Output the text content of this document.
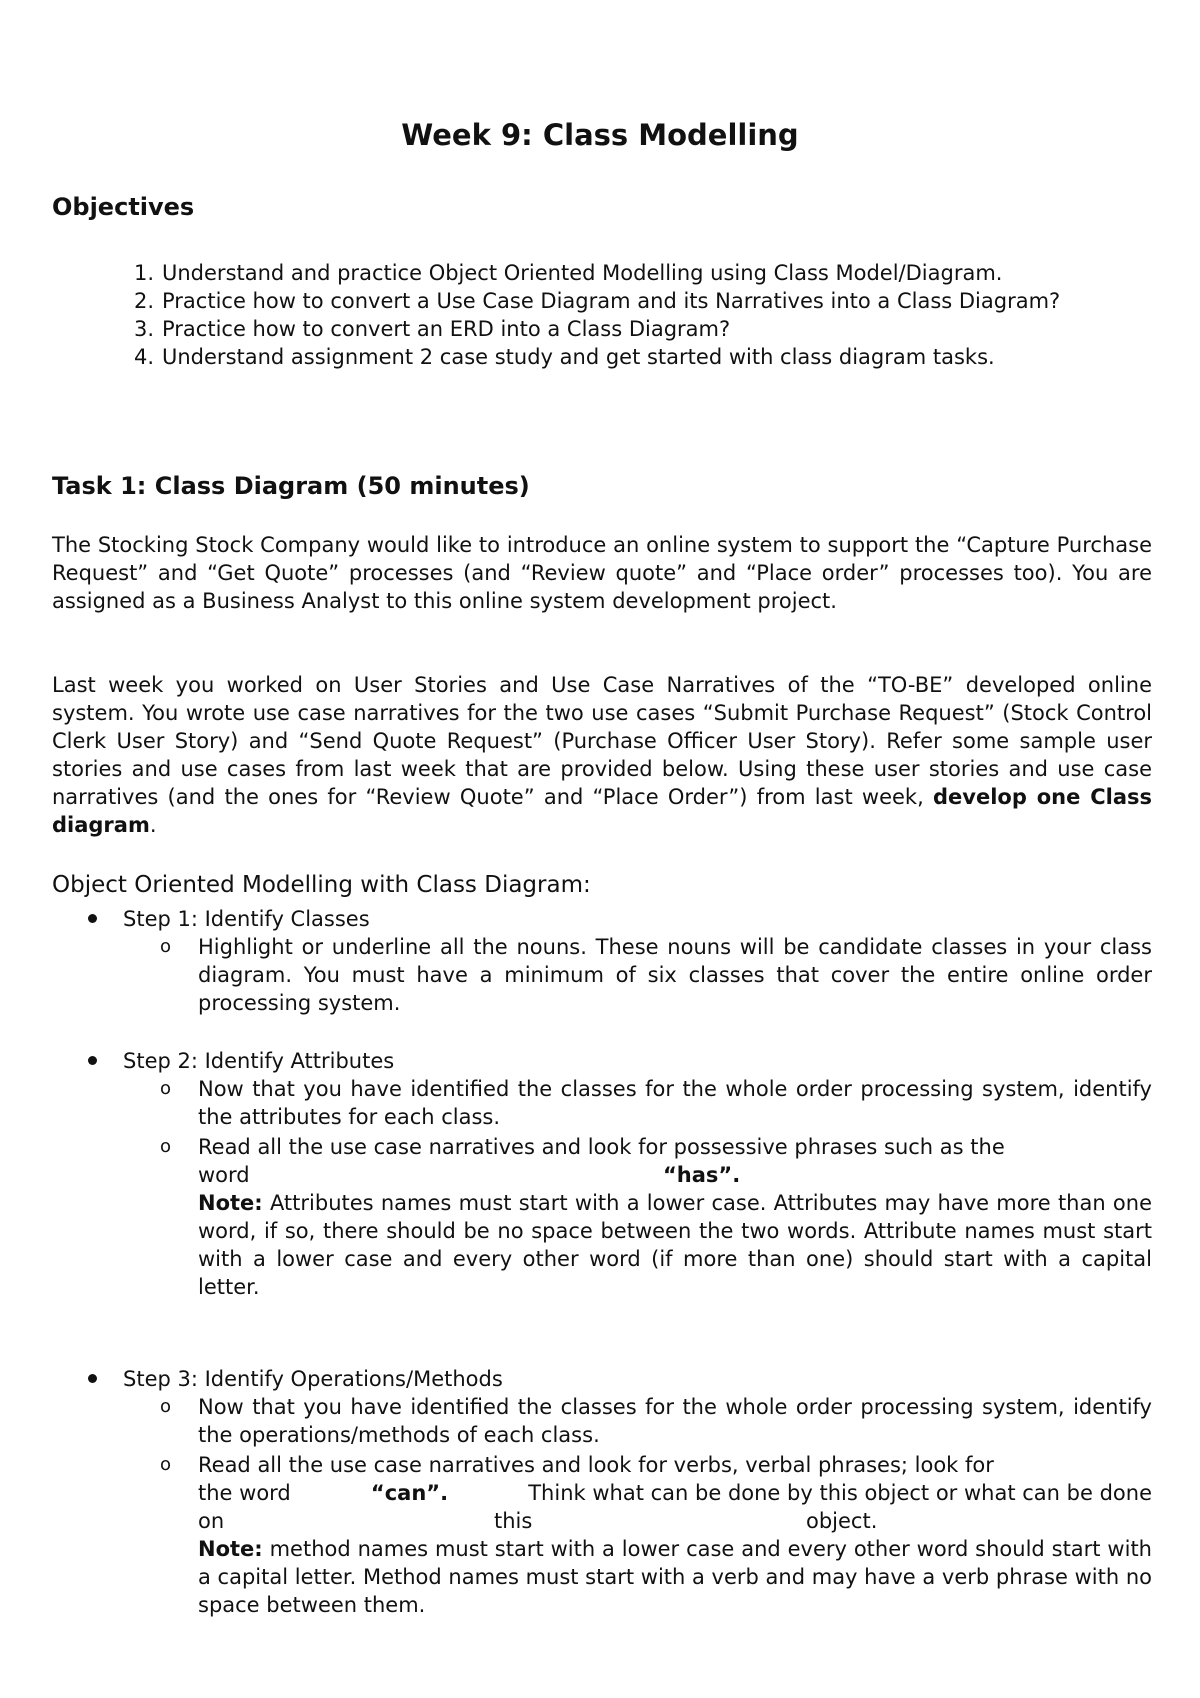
Week 9: Class Modelling
Objectives
1. Understand and practice Object Oriented Modelling using Class Model/Diagram.
2. Practice how to convert a Use Case Diagram and its Narratives into a Class Diagram?
3. Practice how to convert an ERD into a Class Diagram?
4. Understand assignment 2 case study and get started with class diagram tasks.
Task 1: Class Diagram (50 minutes)

The Stocking Stock Company would like to introduce an online system to support the “Capture Purchase Request” and “Get Quote” processes (and “Review quote” and “Place order” processes too). You are assigned as a Business Analyst to this online system development project.

Last week you worked on User Stories and Use Case Narratives of the “TO-BE” developed online system. You wrote use case narratives for the two use cases “Submit Purchase Request” (Stock Control Clerk User Story) and “Send Quote Request” (Purchase Officer User Story). Refer some sample user stories and use cases from last week that are provided below. Using these user stories and use case narratives (and the ones for “Review Quote” and “Place Order”) from last week, develop one Class diagram.

Object Oriented Modelling with Class Diagram:
Step 1: Identify Classes
o Highlight or underline all the nouns. These nouns will be candidate classes in your class diagram. You must have a minimum of six classes that cover the entire online order processing system.
Step 2: Identify Attributes
o Now that you have identified the classes for the whole order processing system, identify the attributes for each class.
o Read all the use case narratives and look for possessive phrases such as the
word	“has”.
Note: Attributes names must start with a lower case. Attributes may have more than one word, if so, there should be no space between the two words. Attribute names must start with a lower case and every other word (if more than one) should start with a capital letter.
Step 3: Identify Operations/Methods
o Now that you have identified the classes for the whole order processing system, identify the operations/methods of each class.
o Read all the use case narratives and look for verbs, verbal phrases; look for
the word	“can”.	Think what can be done by this object or what can be done
on	this	object.
Note: method names must start with a lower case and every other word should start with a capital letter. Method names must start with a verb and may have a verb phrase with no space between them.
